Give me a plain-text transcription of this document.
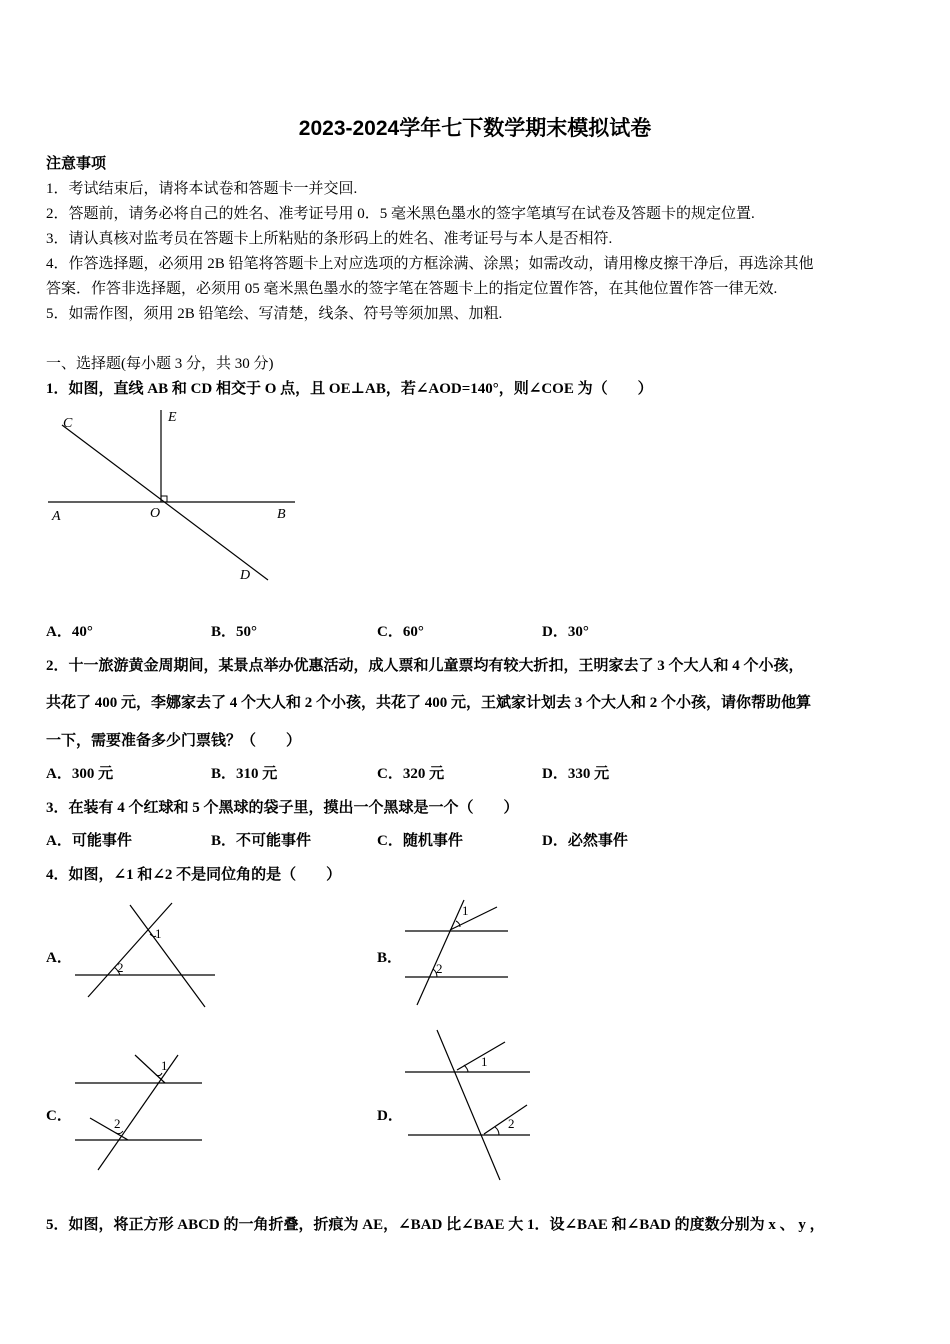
2023-2024学年七下数学期末模拟试卷
注意事项
1．考试结束后，请将本试卷和答题卡一并交回.
2．答题前，请务必将自己的姓名、准考证号用 0．5 毫米黑色墨水的签字笔填写在试卷及答题卡的规定位置.
3．请认真核对监考员在答题卡上所粘贴的条形码上的姓名、准考证号与本人是否相符.
4．作答选择题，必须用 2B 铅笔将答题卡上对应选项的方框涂满、涂黑；如需改动，请用橡皮擦干净后，再选涂其他
答案．作答非选择题，必须用 05 毫米黑色墨水的签字笔在答题卡上的指定位置作答，在其他位置作答一律无效.
5．如需作图，须用 2B 铅笔绘、写清楚，线条、符号等须加黑、加粗.
一、选择题(每小题 3 分，共 30 分)
1．如图，直线 AB 和 CD 相交于 O 点，且 OE⊥AB，若∠AOD=140°，则∠COE 为（　　）
C	E
A	O	B
D
A．40°	B．50°	C．60°	D．30°
2．十一旅游黄金周期间，某景点举办优惠活动，成人票和儿童票均有较大折扣，王明家去了 3 个大人和 4 个小孩，
共花了 400 元，李娜家去了 4 个大人和 2 个小孩，共花了 400 元，王斌家计划去 3 个大人和 2 个小孩，请你帮助他算
一下，需要准备多少门票钱？（　　）
A．300 元	B．310 元	C．320 元	D．330 元
3．在装有 4 个红球和 5 个黑球的袋子里，摸出一个黑球是一个（　　）
A．可能事件	B．不可能事件	C．随机事件	D．必然事件
4．如图，∠1 和∠2 不是同位角的是（　　）
A．
1
2
B．
1
2
C．
1
2	D．
1
2
5．如图，将正方形 ABCD 的一角折叠，折痕为 AE，∠BAD 比∠BAE 大 1．设∠BAE 和∠BAD 的度数分别为 x 、 y ，
